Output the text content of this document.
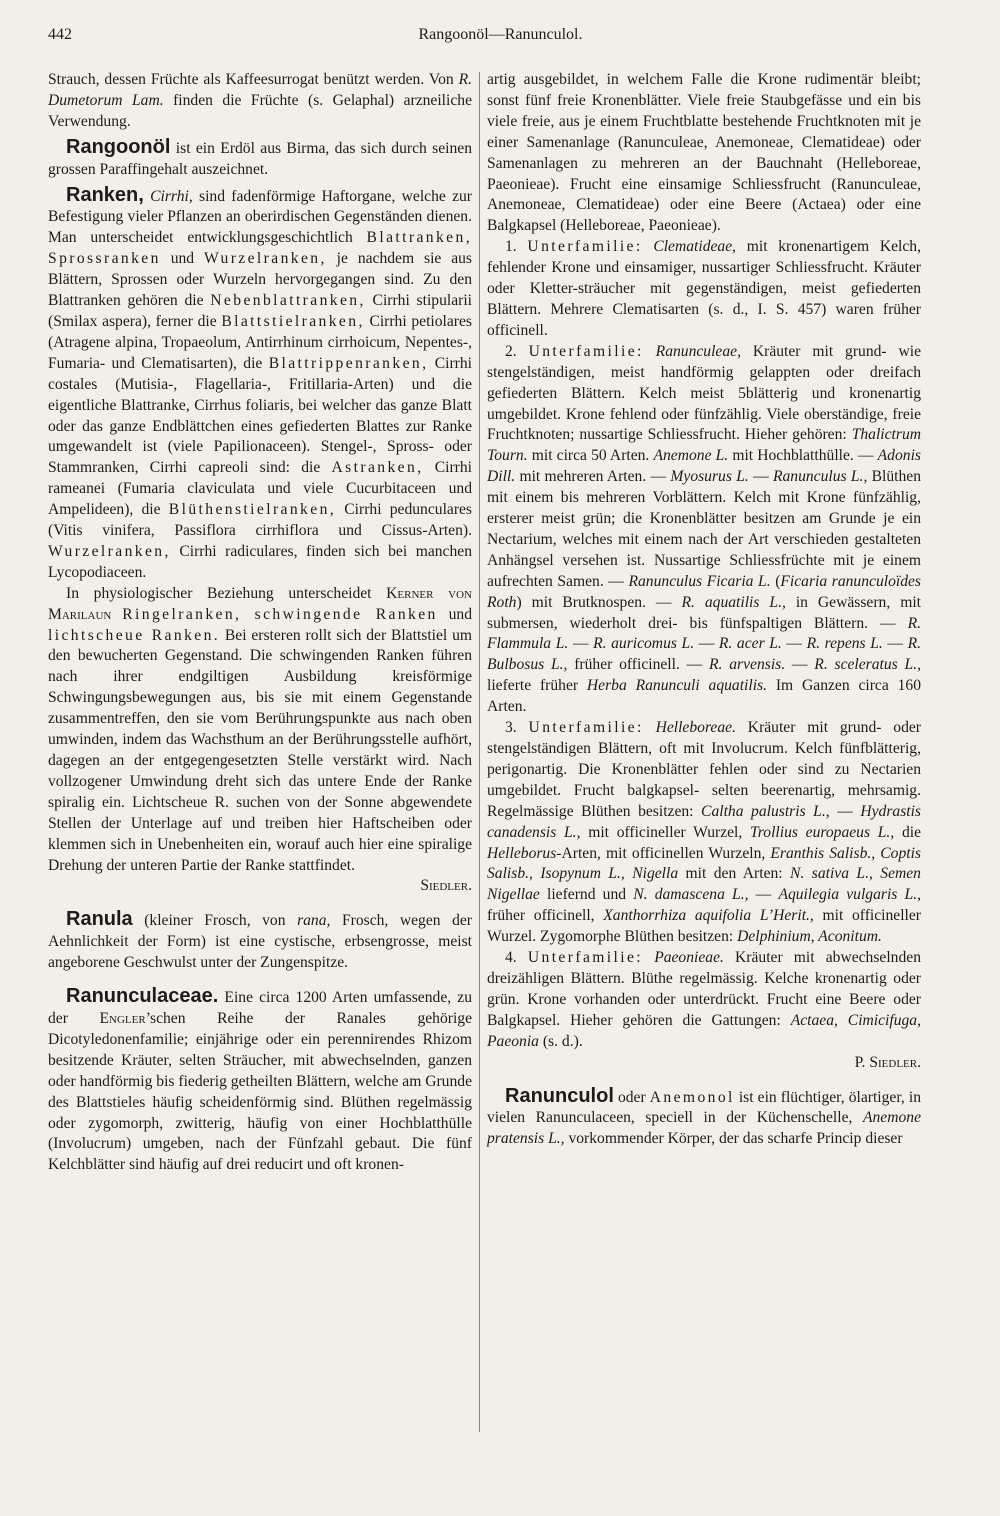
442	Rangoonöl—Ranunculol.

Strauch, dessen Früchte als Kaffeesurrogat benützt werden. Von R. Dumetorum Lam. finden die Früchte (s. Gelaphal) arzneiliche Verwendung.

Rangoonöl ist ein Erdöl aus Birma, das sich durch seinen grossen Paraffingehalt auszeichnet.

Ranken, Cirrhi, sind fadenförmige Haftorgane, welche zur Befestigung vieler Pflanzen an oberirdischen Gegenständen dienen. Man unterscheidet entwicklungsgeschichtlich Blattranken, Sprossranken und Wurzelranken, je nachdem sie aus Blättern, Sprossen oder Wurzeln hervorgegangen sind. Zu den Blattranken gehören die Nebenblattranken, Cirrhi stipularii (Smilax aspera), ferner die Blattstielranken, Cirrhi petiolares (Atragene alpina, Tropaeolum, Antirrhinum cirrhoicum, Nepentes-, Fumaria- und Clematisarten), die Blattrippenranken, Cirrhi costales (Mutisia-, Flagellaria-, Fritillaria-Arten) und die eigentliche Blattranke, Cirrhus foliaris, bei welcher das ganze Blatt oder das ganze Endblättchen eines gefiederten Blattes zur Ranke umgewandelt ist (viele Papilionaceen). Stengel-, Spross- oder Stammranken, Cirrhi capreoli sind: die Astranken, Cirrhi rameanei (Fumaria claviculata und viele Cucurbitaceen und Ampelideen), die Blüthenstielranken, Cirrhi pedunculares (Vitis vinifera, Passiflora cirrhiflora und Cissus-Arten). Wurzelranken, Cirrhi radiculares, finden sich bei manchen Lycopodiaceen.

In physiologischer Beziehung unterscheidet Kerner von Marilaun Ringelranken, schwingende Ranken und lichtscheue Ranken. Bei ersteren rollt sich der Blattstiel um den bewucherten Gegenstand. Die schwingenden Ranken führen nach ihrer endgiltigen Ausbildung kreisförmige Schwingungsbewegungen aus, bis sie mit einem Gegenstande zusammentreffen, den sie vom Berührungspunkte aus nach oben umwinden, indem das Wachsthum an der Berührungsstelle aufhört, dagegen an der entgegengesetzten Stelle verstärkt wird. Nach vollzogener Umwindung dreht sich das untere Ende der Ranke spiralig ein. Lichtscheue R. suchen von der Sonne abgewendete Stellen der Unterlage auf und treiben hier Haftscheiben oder klemmen sich in Unebenheiten ein, worauf auch hier eine spiralige Drehung der unteren Partie der Ranke stattfindet.

Siedler.

Ranula (kleiner Frosch, von rana, Frosch, wegen der Aehnlichkeit der Form) ist eine cystische, erbsengrosse, meist angeborene Geschwulst unter der Zungenspitze.

Ranunculaceae. Eine circa 1200 Arten umfassende, zu der Engler’schen Reihe der Ranales gehörige Dicotyledonenfamilie; einjährige oder ein perennirendes Rhizom besitzende Kräuter, selten Sträucher, mit abwechselnden, ganzen oder handförmig bis fiederig getheilten Blättern, welche am Grunde des Blattstieles häufig scheidenförmig sind. Blüthen regelmässig oder zygomorph, zwitterig, häufig von einer Hochblatthülle (Involucrum) umgeben, nach der Fünfzahl gebaut. Die fünf Kelchblätter sind häufig auf drei reducirt und oft kronen-

artig ausgebildet, in welchem Falle die Krone rudimentär bleibt; sonst fünf freie Kronenblätter. Viele freie Staubgefässe und ein bis viele freie, aus je einem Fruchtblatte bestehende Fruchtknoten mit je einer Samenanlage (Ranunculeae, Anemoneae, Clematideae) oder Samenanlagen zu mehreren an der Bauchnaht (Helleboreae, Paeonieae). Frucht eine einsamige Schliessfrucht (Ranunculeae, Anemoneae, Clematideae) oder eine Beere (Actaea) oder eine Balgkapsel (Helleboreae, Paeonieae).

1. Unterfamilie: Clematideae, mit kronenartigem Kelch, fehlender Krone und einsamiger, nussartiger Schliessfrucht. Kräuter oder Kletter-sträucher mit gegenständigen, meist gefiederten Blättern. Mehrere Clematisarten (s. d., I. S. 457) waren früher officinell.

2. Unterfamilie: Ranunculeae, Kräuter mit grund- wie stengelständigen, meist handförmig gelappten oder dreifach gefiederten Blättern. Kelch meist 5blätterig und kronenartig umgebildet. Krone fehlend oder fünfzählig. Viele oberständige, freie Fruchtknoten; nussartige Schliessfrucht. Hieher gehören: Thalictrum Tourn. mit circa 50 Arten. Anemone L. mit Hochblatthülle. — Adonis Dill. mit mehreren Arten. — Myosurus L. — Ranunculus L., Blüthen mit einem bis mehreren Vorblättern. Kelch mit Krone fünfzählig, ersterer meist grün; die Kronenblätter besitzen am Grunde je ein Nectarium, welches mit einem nach der Art verschieden gestalteten Anhängsel versehen ist. Nussartige Schliessfrüchte mit je einem aufrechten Samen. — Ranunculus Ficaria L. (Ficaria ranunculoïdes Roth) mit Brutknospen. — R. aquatilis L., in Gewässern, mit submersen, wiederholt drei- bis fünfspaltigen Blättern. — R. Flammula L. — R. auricomus L. — R. acer L. — R. repens L. — R. Bulbosus L., früher officinell. — R. arvensis. — R. sceleratus L., lieferte früher Herba Ranunculi aquatilis. Im Ganzen circa 160 Arten.

3. Unterfamilie: Helleboreae. Kräuter mit grund- oder stengelständigen Blättern, oft mit Involucrum. Kelch fünfblätterig, perigonartig. Die Kronenblätter fehlen oder sind zu Nectarien umgebildet. Frucht balgkapsel- selten beerenartig, mehrsamig. Regelmässige Blüthen besitzen: Caltha palustris L., — Hydrastis canadensis L., mit officineller Wurzel, Trollius europaeus L., die Helleborus-Arten, mit officinellen Wurzeln, Eranthis Salisb., Coptis Salisb., Isopynum L., Nigella mit den Arten: N. sativa L., Semen Nigellae liefernd und N. damascena L., — Aquilegia vulgaris L., früher officinell, Xanthorrhiza aquifolia L’Herit., mit officineller Wurzel. Zygomorphe Blüthen besitzen: Delphinium, Aconitum.

4. Unterfamilie: Paeonieae. Kräuter mit abwechselnden dreizähligen Blättern. Blüthe regelmässig. Kelche kronenartig oder grün. Krone vorhanden oder unterdrückt. Frucht eine Beere oder Balgkapsel. Hieher gehören die Gattungen: Actaea, Cimicifuga, Paeonia (s. d.).

P. Siedler.

Ranunculol oder Anemonol ist ein flüchtiger, ölartiger, in vielen Ranunculaceen, speciell in der Küchenschelle, Anemone pratensis L., vorkommender Körper, der das scharfe Princip dieser
